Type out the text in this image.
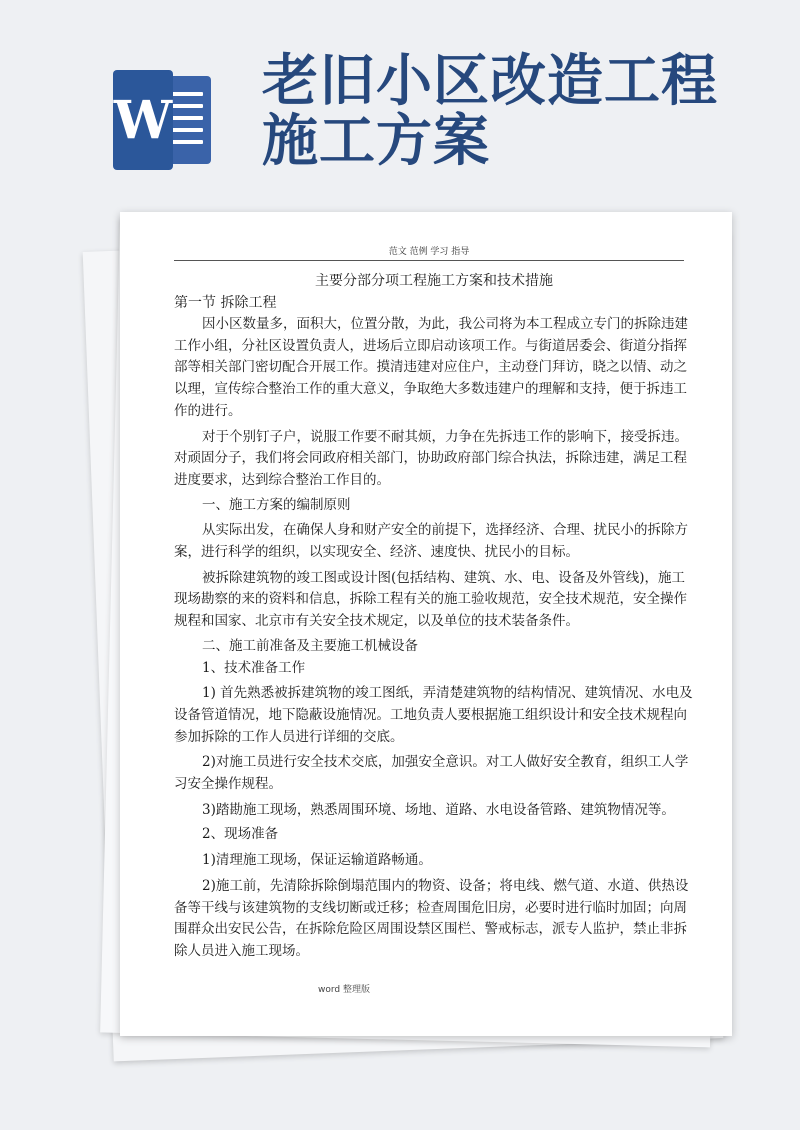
W
老旧小区改造工程
施工方案
范文 范例 学习 指导
主要分部分项工程施工方案和技术措施
第一节 拆除工程

因小区数量多，面积大，位置分散，为此，我公司将为本工程成立专门的拆除违建工作小组，分社区设置负责人，进场后立即启动该项工作。与街道居委会、街道分指挥部等相关部门密切配合开展工作。摸清违建对应住户，主动登门拜访，晓之以情、动之以理，宣传综合整治工作的重大意义，争取绝大多数违建户的理解和支持，便于拆违工作的进行。

对于个别钉子户，说服工作要不耐其烦，力争在先拆违工作的影响下，接受拆违。对顽固分子，我们将会同政府相关部门，协助政府部门综合执法，拆除违建，满足工程进度要求，达到综合整治工作目的。

一、施工方案的编制原则

从实际出发，在确保人身和财产安全的前提下，选择经济、合理、扰民小的拆除方案，进行科学的组织，以实现安全、经济、速度快、扰民小的目标。

被拆除建筑物的竣工图或设计图(包括结构、建筑、水、电、设备及外管线)，施工现场勘察的来的资料和信息，拆除工程有关的施工验收规范，安全技术规范，安全操作规程和国家、北京市有关安全技术规定，以及单位的技术装备条件。

二、施工前准备及主要施工机械设备

1、技术准备工作

1) 首先熟悉被拆建筑物的竣工图纸，弄清楚建筑物的结构情况、建筑情况、水电及设备管道情况，地下隐蔽设施情况。工地负责人要根据施工组织设计和安全技术规程向参加拆除的工作人员进行详细的交底。

2)对施工员进行安全技术交底，加强安全意识。对工人做好安全教育，组织工人学习安全操作规程。

3)踏勘施工现场，熟悉周围环境、场地、道路、水电设备管路、建筑物情况等。

2、现场准备

1)清理施工现场，保证运输道路畅通。

2)施工前，先清除拆除倒塌范围内的物资、设备；将电线、燃气道、水道、供热设备等干线与该建筑物的支线切断或迁移；检查周围危旧房，必要时进行临时加固；向周围群众出安民公告，在拆除危险区周围设禁区围栏、警戒标志，派专人监护，禁止非拆除人员进入施工现场。

word 整理版
